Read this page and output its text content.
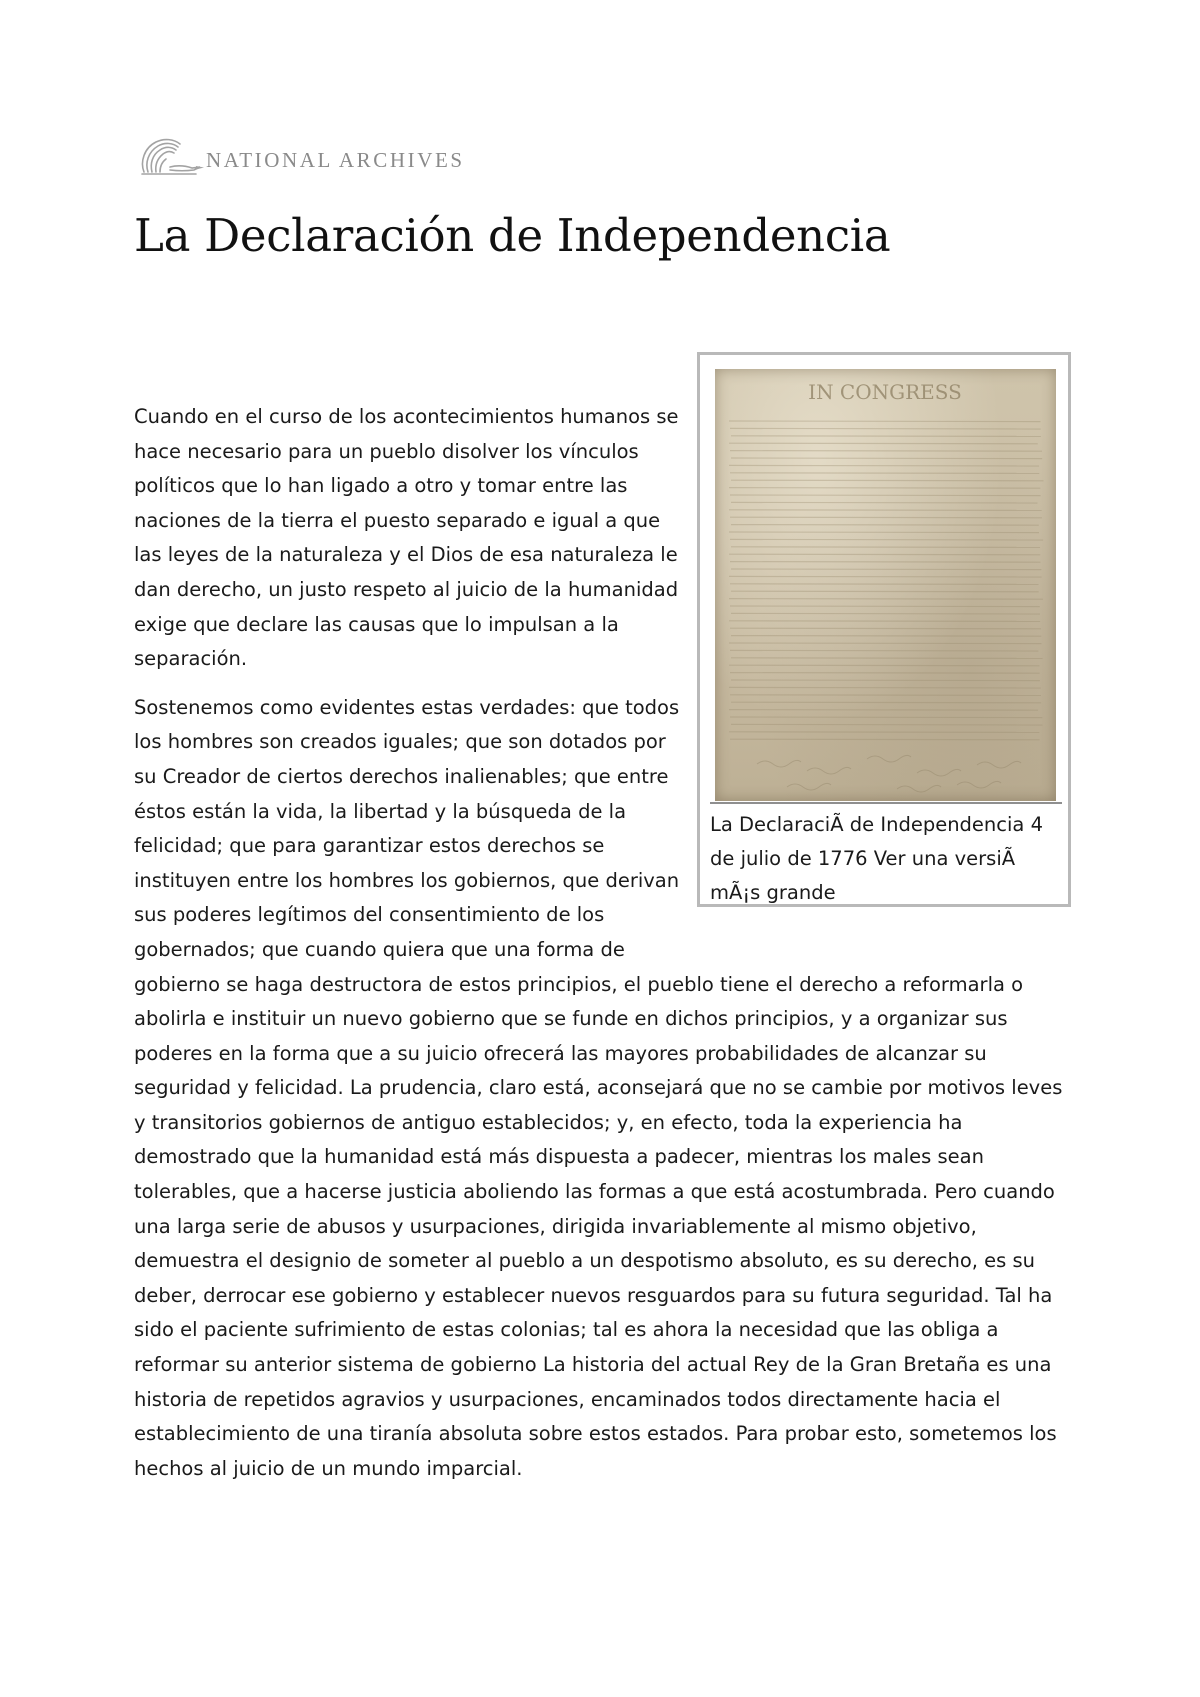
NATIONAL ARCHIVES
La Declaración de Independencia
IN CONGRESS
La DeclaraciÃ de Independencia 4 de julio de 1776 Ver una versiÃ mÃ¡s grande

Cuando en el curso de los acontecimientos humanos se hace necesario para un pueblo disolver los vínculos políticos que lo han ligado a otro y tomar entre las naciones de la tierra el puesto separado e igual a que las leyes de la naturaleza y el Dios de esa naturaleza le dan derecho, un justo respeto al juicio de la humanidad exige que declare las causas que lo impulsan a la separación.

Sostenemos como evidentes estas verdades: que todos los hombres son creados iguales; que son dotados por su Creador de ciertos derechos inalienables; que entre éstos están la vida, la libertad y la búsqueda de la felicidad; que para garantizar estos derechos se instituyen entre los hombres los gobiernos, que derivan sus poderes legítimos del consentimiento de los gobernados; que cuando quiera que una forma de gobierno se haga destructora de estos principios, el pueblo tiene el derecho a reformarla o abolirla e instituir un nuevo gobierno que se funde en dichos principios, y a organizar sus poderes en la forma que a su juicio ofrecerá las mayores probabilidades de alcanzar su seguridad y felicidad. La prudencia, claro está, aconsejará que no se cambie por motivos leves y transitorios gobiernos de antiguo establecidos; y, en efecto, toda la experiencia ha demostrado que la humanidad está más dispuesta a padecer, mientras los males sean tolerables, que a hacerse justicia aboliendo las formas a que está acostumbrada. Pero cuando una larga serie de abusos y usurpaciones, dirigida invariablemente al mismo objetivo, demuestra el designio de someter al pueblo a un despotismo absoluto, es su derecho, es su deber, derrocar ese gobierno y establecer nuevos resguardos para su futura seguridad. Tal ha sido el paciente sufrimiento de estas colonias; tal es ahora la necesidad que las obliga a reformar su anterior sistema de gobierno La historia del actual Rey de la Gran Bretaña es una historia de repetidos agravios y usurpaciones, encaminados todos directamente hacia el establecimiento de una tiranía absoluta sobre estos estados. Para probar esto, sometemos los hechos al juicio de un mundo imparcial.
